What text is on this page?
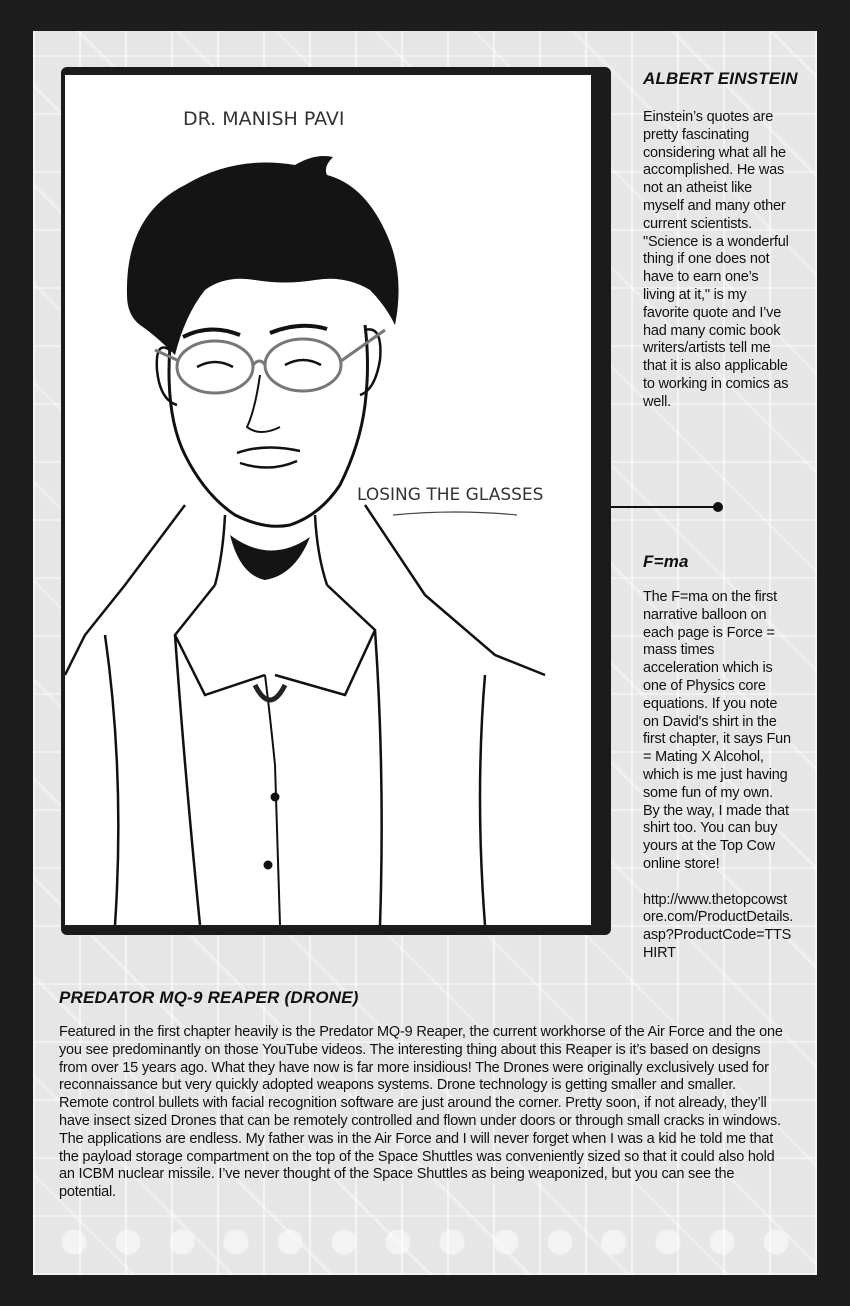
DR. MANISH PAVI
LOSING THE GLASSES
ALBERT EINSTEIN
Einstein’s quotes are
pretty fascinating
considering what all he
accomplished. He was
not an atheist like
myself and many other
current scientists.
"Science is a wonderful
thing if one does not
have to earn one’s
living at it," is my
favorite quote and I’ve
had many comic book
writers/artists tell me
that it is also applicable
to working in comics as
well.
F=ma
The F=ma on the first
narrative balloon on
each page is Force =
mass times
acceleration which is
one of Physics core
equations. If you note
on David's shirt in the
first chapter, it says Fun
= Mating X Alcohol,
which is me just having
some fun of my own.
By the way, I made that
shirt too. You can buy
yours at the Top Cow
online store!

http://www.thetopcowst
ore.com/ProductDetails.
asp?ProductCode=TTS
HIRT
PREDATOR MQ-9 REAPER (DRONE)
Featured in the first chapter heavily is the Predator MQ-9 Reaper, the current workhorse of the Air Force and the one
you see predominantly on those YouTube videos. The interesting thing about this Reaper is it’s based on designs
from over 15 years ago. What they have now is far more insidious! The Drones were originally exclusively used for
reconnaissance but very quickly adopted weapons systems. Drone technology is getting smaller and smaller.
Remote control bullets with facial recognition software are just around the corner. Pretty soon, if not already, they’ll
have insect sized Drones that can be remotely controlled and flown under doors or through small cracks in windows.
The applications are endless. My father was in the Air Force and I will never forget when I was a kid he told me that
the payload storage compartment on the top of the Space Shuttles was conveniently sized so that it could also hold
an ICBM nuclear missile. I’ve never thought of the Space Shuttles as being weaponized, but you can see the
potential.
